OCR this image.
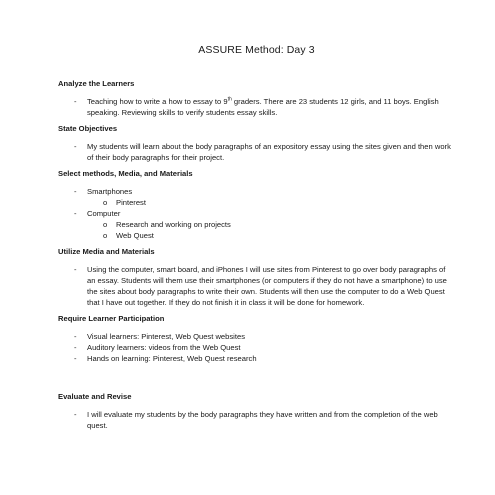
ASSURE Method: Day 3
Analyze the Learners
- Teaching how to write a how to essay to 9th graders. There are 23 students 12 girls, and 11 boys. English speaking. Reviewing skills to verify students essay skills.
State Objectives
- My students will learn about the body paragraphs of an expository essay using the sites given and then work of their body paragraphs for their project.
Select methods, Media, and Materials
- Smartphones
o Pinterest
- Computer
o Research and working on projects
o Web Quest
Utilize Media and Materials
- Using the computer, smart board, and iPhones I will use sites from Pinterest to go over body paragraphs of an essay. Students will them use their smartphones (or computers if they do not have a smartphone) to use the sites about body paragraphs to write their own. Students will then use the computer to do a Web Quest that I have out together. If they do not finish it in class it will be done for homework.
Require Learner Participation
- Visual learners: Pinterest, Web Quest websites
- Auditory learners: videos from the Web Quest
- Hands on learning: Pinterest, Web Quest research
Evaluate and Revise
- I will evaluate my students by the body paragraphs they have written and from the completion of the web quest.
